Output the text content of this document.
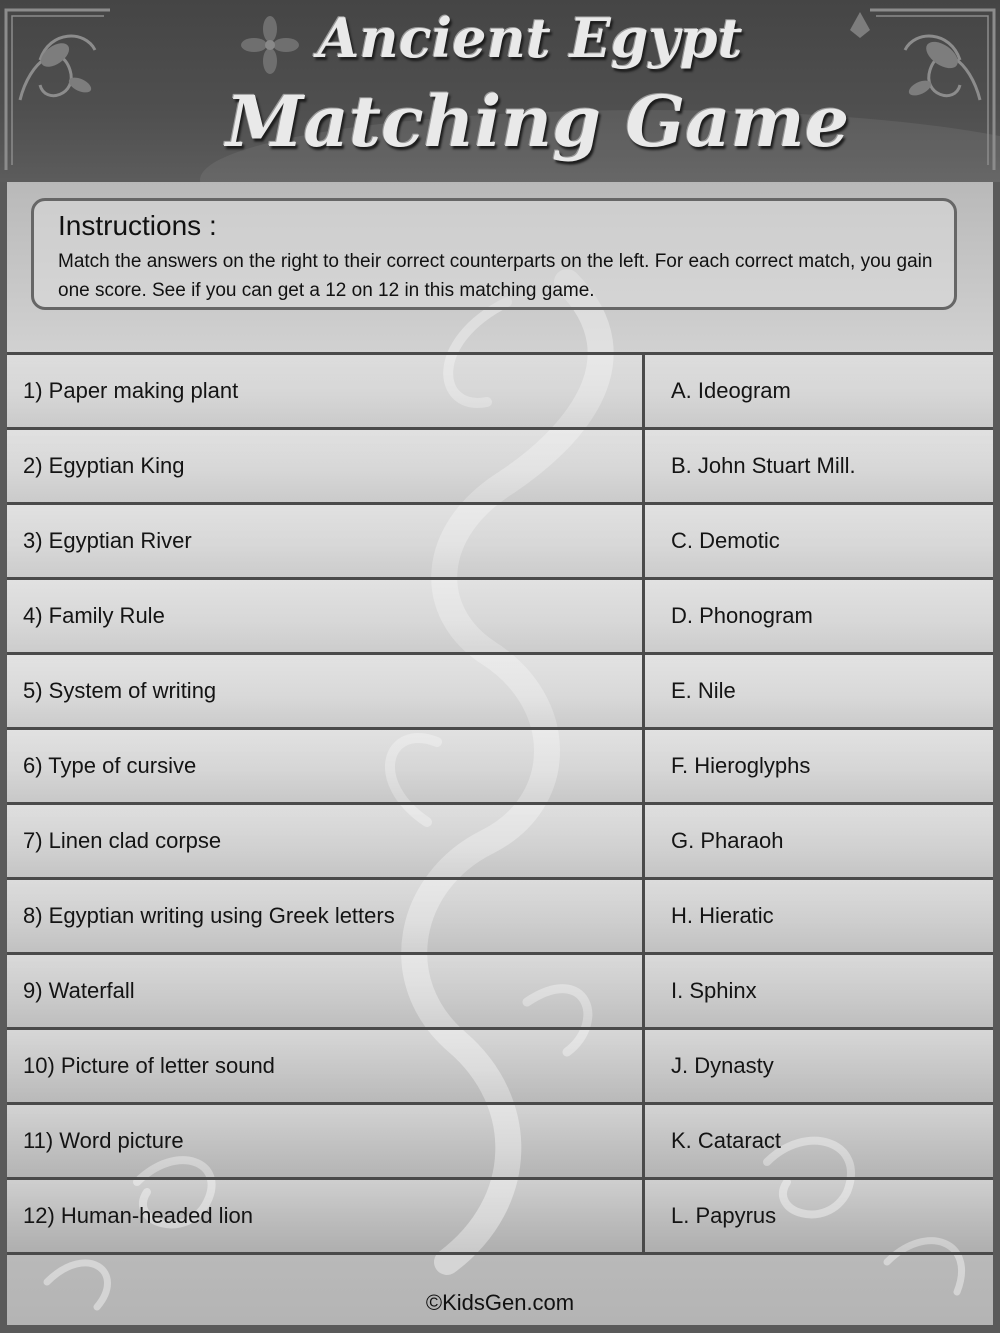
Ancient Egypt
Matching Game
Instructions :
Match the answers on the right to their correct counterparts on the left. For each correct match, you gain one score. See if you can get a 12 on 12 in this matching game.
1) Paper making plant	A. Ideogram
2) Egyptian King	B. John Stuart Mill.
3) Egyptian River	C. Demotic
4) Family Rule	D. Phonogram
5) System of writing	E. Nile
6) Type of cursive	F. Hieroglyphs
7) Linen clad corpse	G. Pharaoh
8) Egyptian writing using Greek letters	H. Hieratic
9) Waterfall	I. Sphinx
10) Picture of letter sound	J. Dynasty
11) Word picture	K. Cataract
12) Human-headed lion	L. Papyrus
©KidsGen.com
